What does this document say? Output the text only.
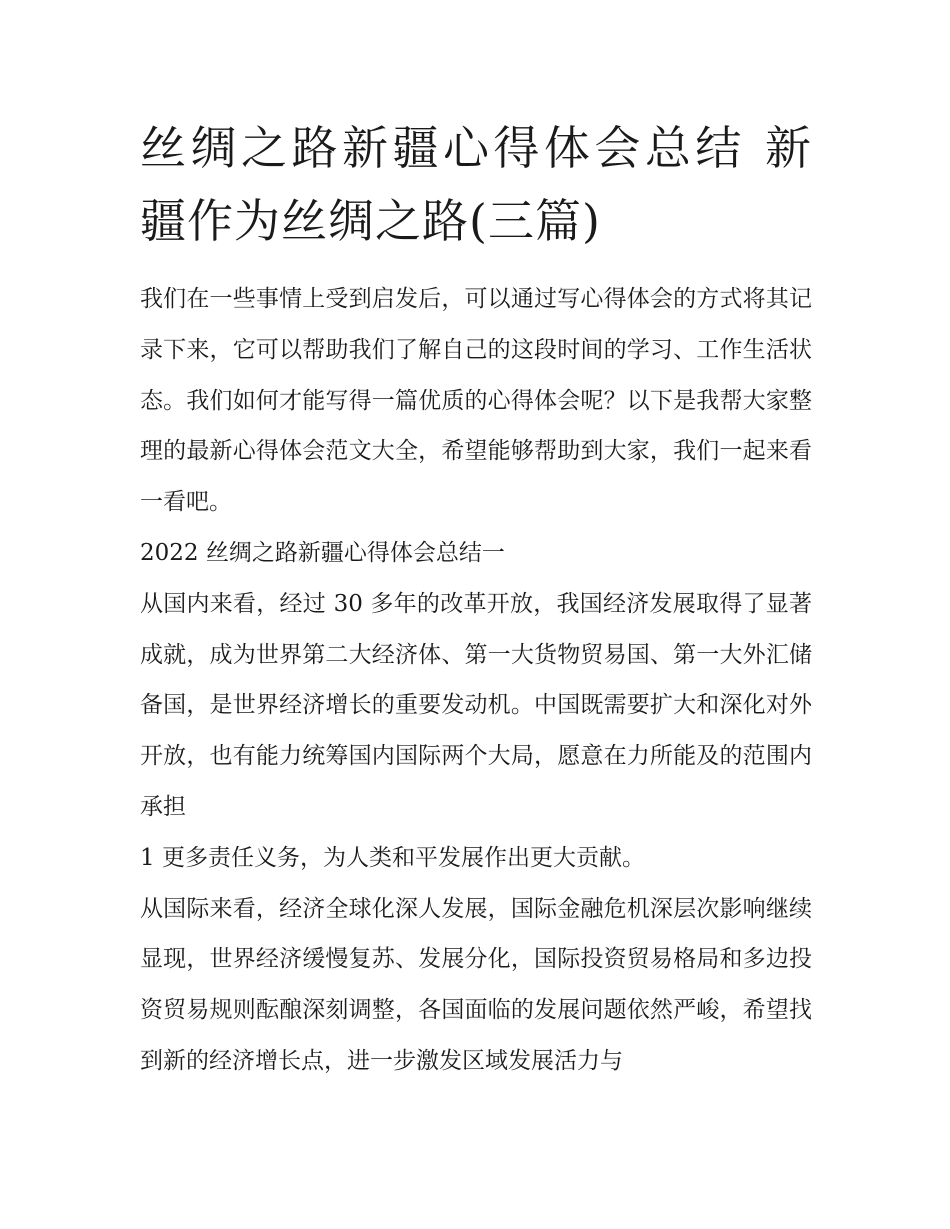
丝绸之路新疆心得体会总结 新疆作为丝绸之路(三篇)

我们在一些事情上受到启发后，可以通过写心得体会的方式将其记录下来，它可以帮助我们了解自己的这段时间的学习、工作生活状态。我们如何才能写得一篇优质的心得体会呢？以下是我帮大家整理的最新心得体会范文大全，希望能够帮助到大家，我们一起来看一看吧。

2022 丝绸之路新疆心得体会总结一

从国内来看，经过 30 多年的改革开放，我国经济发展取得了显著成就，成为世界第二大经济体、第一大货物贸易国、第一大外汇储备国，是世界经济增长的重要发动机。中国既需要扩大和深化对外开放，也有能力统筹国内国际两个大局，愿意在力所能及的范围内承担

1 更多责任义务，为人类和平发展作出更大贡献。

从国际来看，经济全球化深人发展，国际金融危机深层次影响继续显现，世界经济缓慢复苏、发展分化，国际投资贸易格局和多边投资贸易规则酝酿深刻调整，各国面临的发展问题依然严峻，希望找到新的经济增长点，进一步激发区域发展活力与
